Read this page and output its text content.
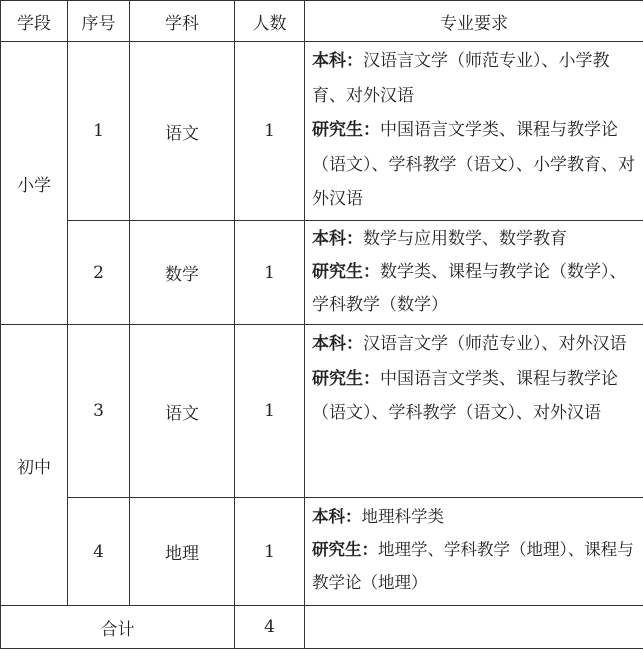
学段	序号	学科	人数	专业要求
小学	1	语文	1	本科：汉语言文学（师范专业）、小学教育、对外汉语
研究生：中国语言文学类、课程与教学论（语文）、学科教学（语文）、小学教育、对外汉语

	2	数学	1	本科：数学与应用数学、数学教育
研究生：数学类、课程与教学论（数学）、学科教学（数学）

初中	3	语文	1	本科：汉语言文学（师范专业）、对外汉语
研究生：中国语言文学类、课程与教学论（语文）、学科教学（语文）、对外汉语

	4	地理	1	本科：地理科学类
研究生：地理学、学科教学（地理）、课程与教学论（地理）

合计			4	
